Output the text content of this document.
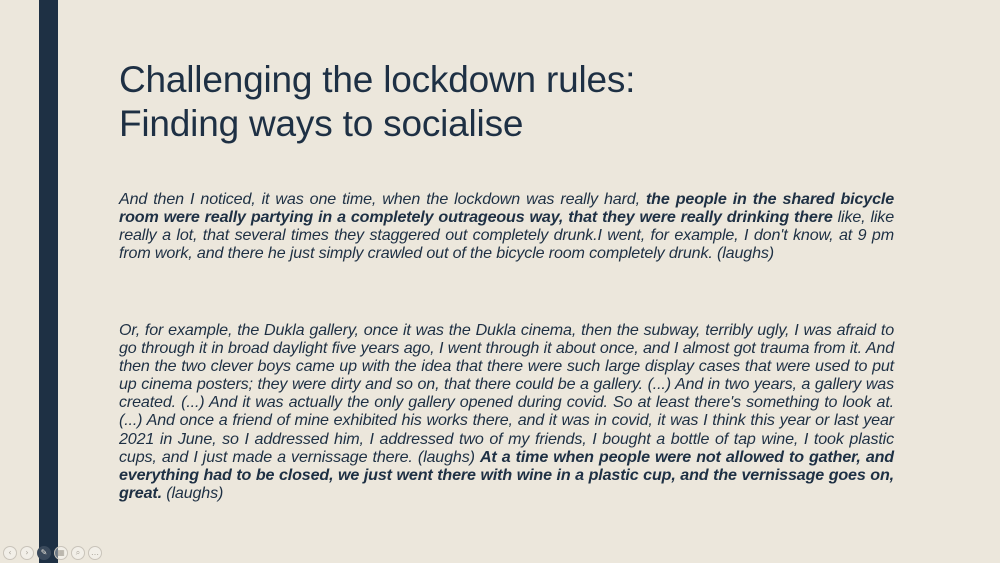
Challenging the lockdown rules:
Finding ways to socialise

And then I noticed, it was one time, when the lockdown was really hard, the people in the shared bicycle room were really partying in a completely outrageous way, that they were really drinking there like, like really a lot, that several times they staggered out completely drunk.I went, for example, I don't know, at 9 pm from work, and there he just simply crawled out of the bicycle room completely drunk. (laughs)

Or, for example, the Dukla gallery, once it was the Dukla cinema, then the subway, terribly ugly, I was afraid to go through it in broad daylight five years ago, I went through it about once, and I almost got trauma from it. And then the two clever boys came up with the idea that there were such large display cases that were used to put up cinema posters; they were dirty and so on, that there could be a gallery. (...) And in two years, a gallery was created. (...) And it was actually the only gallery opened during covid. So at least there's something to look at. (...) And once a friend of mine exhibited his works there, and it was in covid, it was I think this year or last year 2021 in June, so I addressed him, I addressed two of my friends, I bought a bottle of tap wine, I took plastic cups, and I just made a vernissage there. (laughs) At a time when people were not allowed to gather, and everything had to be closed, we just went there with wine in a plastic cup, and the vernissage goes on, great. (laughs)

‹	›	✎	▦	⌕	…
